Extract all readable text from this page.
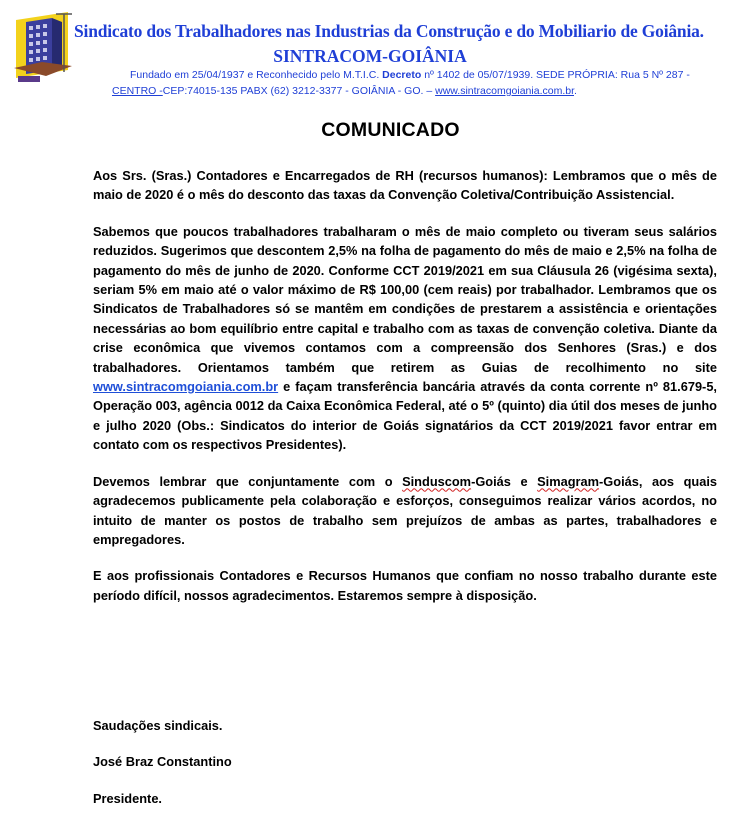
Sindicato dos Trabalhadores nas Industrias da Construção e do Mobiliario de Goiânia.
SINTRACOM-GOIÂNIA
Fundado em 25/04/1937 e Reconhecido pelo M.T.I.C. Decreto nº 1402 de 05/07/1939. SEDE PRÓPRIA: Rua 5 Nº 287 -
CENTRO -CEP:74015-135 PABX (62) 3212-3377 - GOIÂNIA - GO. – www.sintracomgoiania.com.br.
COMUNICADO

Aos Srs. (Sras.) Contadores e Encarregados de RH (recursos humanos): Lembramos que o mês de maio de 2020 é o mês do desconto das taxas da Convenção Coletiva/Contribuição Assistencial.

Sabemos que poucos trabalhadores trabalharam o mês de maio completo ou tiveram seus salários reduzidos. Sugerimos que descontem 2,5% na folha de pagamento do mês de maio e 2,5% na folha de pagamento do mês de junho de 2020. Conforme CCT 2019/2021 em sua Cláusula 26 (vigésima sexta), seriam 5% em maio até o valor máximo de R$ 100,00 (cem reais) por trabalhador. Lembramos que os Sindicatos de Trabalhadores só se mantêm em condições de prestarem a assistência e orientações necessárias ao bom equilíbrio entre capital e trabalho com as taxas de convenção coletiva. Diante da crise econômica que vivemos contamos com a compreensão dos Senhores (Sras.) e dos trabalhadores. Orientamos também que retirem as Guias de recolhimento no site www.sintracomgoiania.com.br e façam transferência bancária através da conta corrente nº 81.679-5, Operação 003, agência 0012 da Caixa Econômica Federal, até o 5º (quinto) dia útil dos meses de junho e julho 2020 (Obs.: Sindicatos do interior de Goiás signatários da CCT 2019/2021 favor entrar em contato com os respectivos Presidentes).

Devemos lembrar que conjuntamente com o Sinduscom-Goiás e Simagram-Goiás, aos quais agradecemos publicamente pela colaboração e esforços, conseguimos realizar vários acordos, no intuito de manter os postos de trabalho sem prejuízos de ambas as partes, trabalhadores e empregadores.

E aos profissionais Contadores e Recursos Humanos que confiam no nosso trabalho durante este período difícil, nossos agradecimentos. Estaremos sempre à disposição.

Saudações sindicais.

José Braz Constantino

Presidente.
